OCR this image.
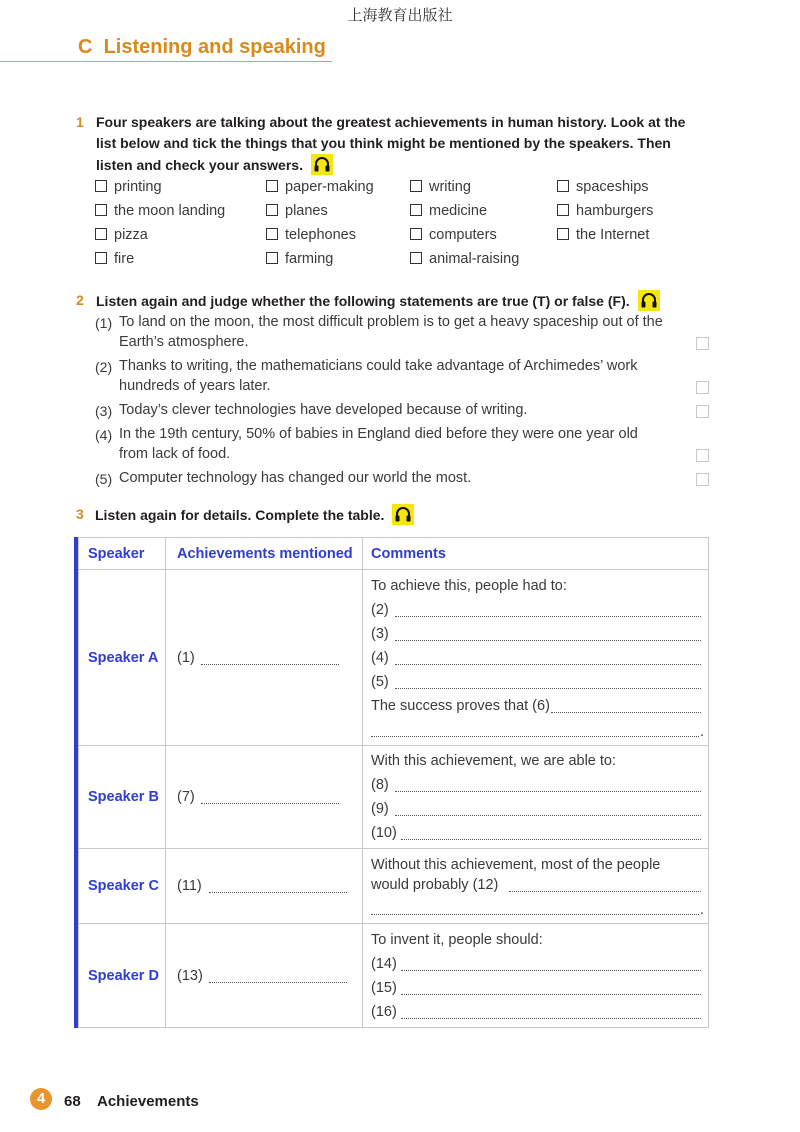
上海教育出版社
C Listening and speaking
1 Four speakers are talking about the greatest achievements in human history. Look at the
list below and tick the things that you think might be mentioned by the speakers. Then
listen and check your answers.
printing	paper-making	writing	spaceships
the moon landing	planes	medicine	hamburgers
pizza	telephones	computers	the Internet
fire	farming	animal-raising
2 Listen again and judge whether the following statements are true (T) or false (F).
(1) To land on the moon, the most difficult problem is to get a heavy spaceship out of the
Earth’s atmosphere.
(2) Thanks to writing, the mathematicians could take advantage of Archimedes’ work
hundreds of years later.
(3) Today’s clever technologies have developed because of writing.
(4) In the 19th century, 50% of babies in England died before they were one year old
from lack of food.
(5) Computer technology has changed our world the most.
3 Listen again for details. Complete the table.
Speaker Achievements mentioned Comments
Speaker A (1)
To achieve this, people had to:
(2)
(3)
(4)
(5)
The success proves that (6)
.
Speaker B (7)
With this achievement, we are able to:
(8)
(9)
(10)
Speaker C (11)
Without this achievement, most of the people
would probably (12)
.
Speaker D (13)
To invent it, people should:
(14)
(15)
(16)
4	68 Achievements
